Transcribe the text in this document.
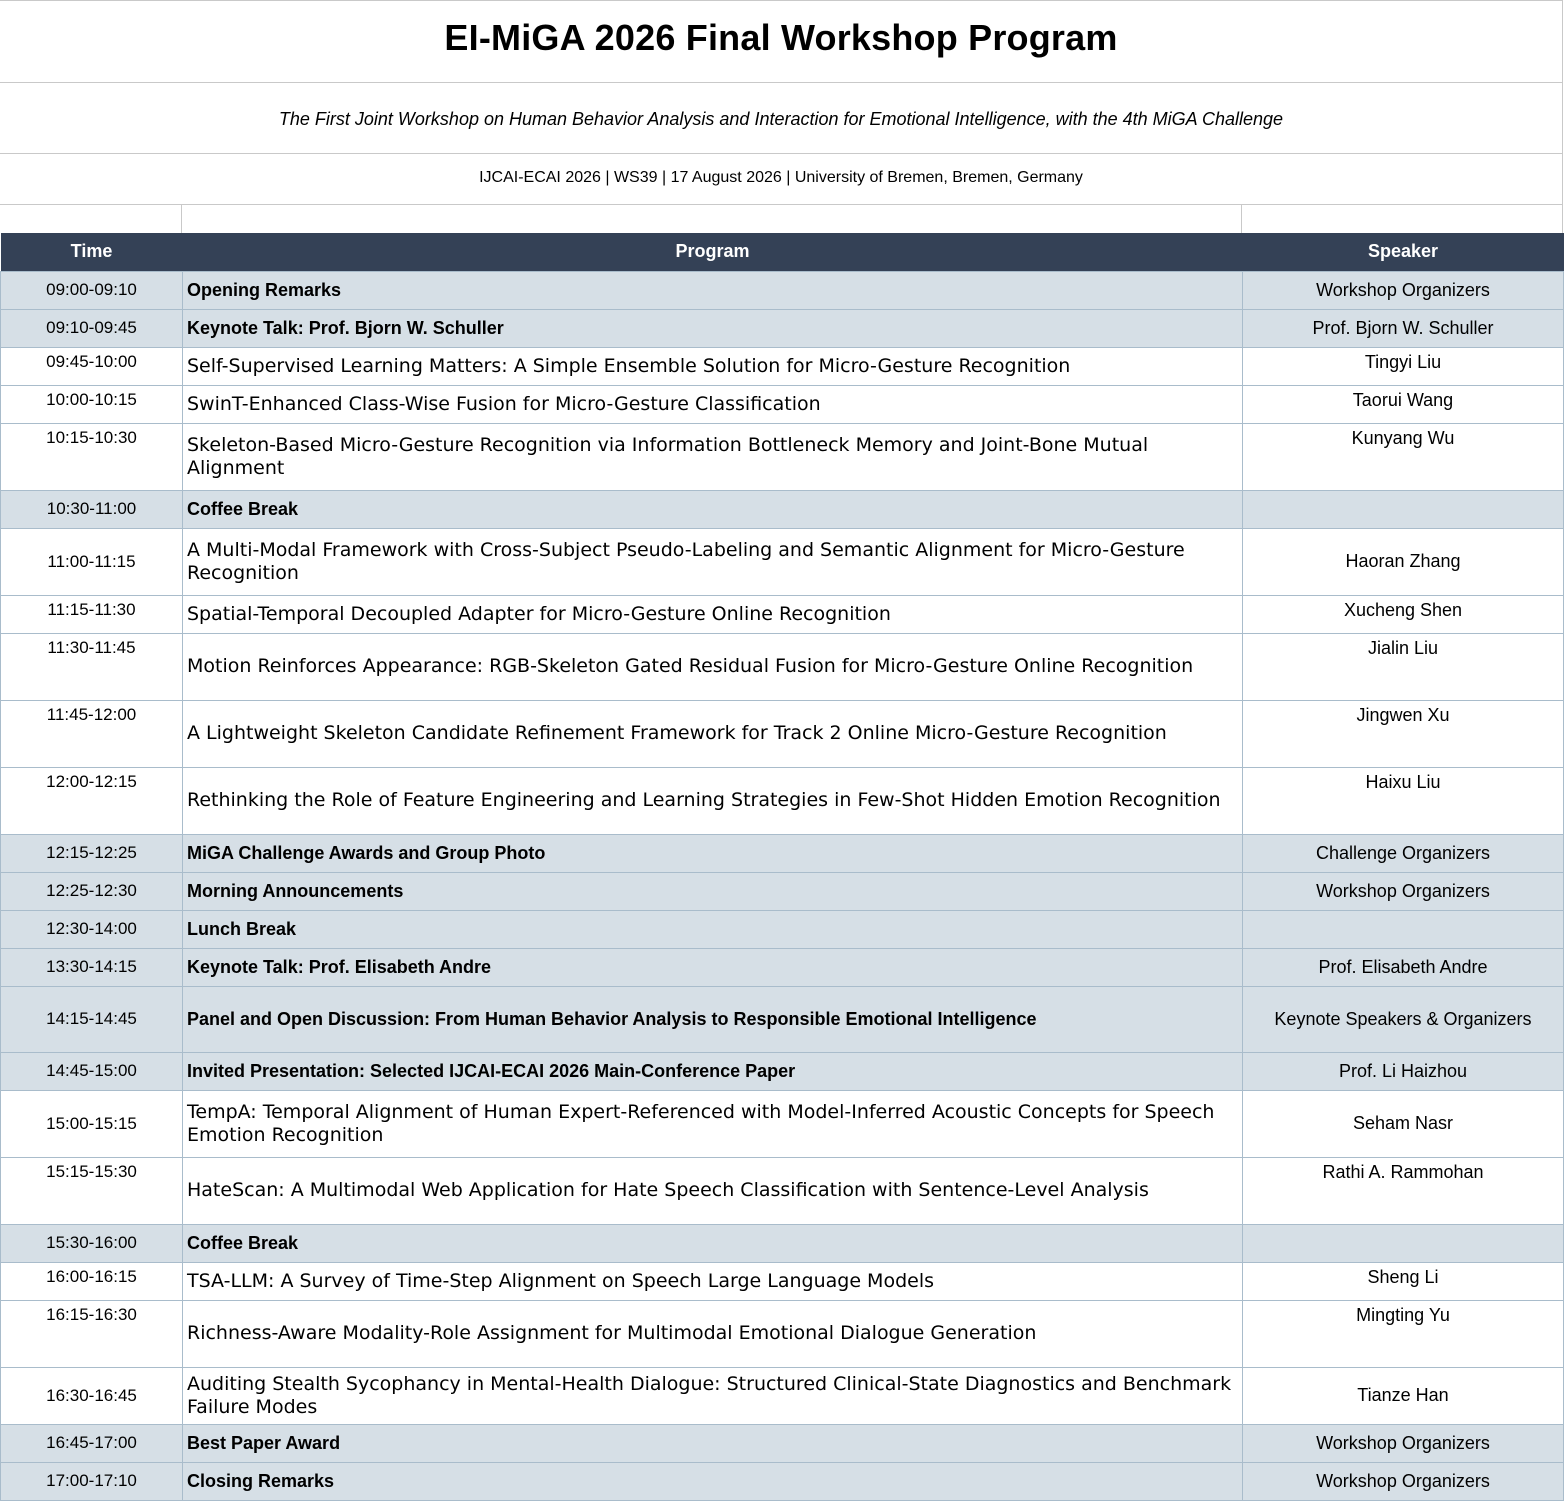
EI-MiGA 2026 Final Workshop Program
The First Joint Workshop on Human Behavior Analysis and Interaction for Emotional Intelligence, with the 4th MiGA Challenge
IJCAI-ECAI 2026 | WS39 | 17 August 2026 | University of Bremen, Bremen, Germany
Time	Program	Speaker
09:00-09:10	Opening Remarks	Workshop Organizers
09:10-09:45	Keynote Talk: Prof. Bjorn W. Schuller	Prof. Bjorn W. Schuller
09:45-10:00	Self-Supervised Learning Matters: A Simple Ensemble Solution for Micro-Gesture Recognition	Tingyi Liu
10:00-10:15	SwinT-Enhanced Class-Wise Fusion for Micro-Gesture Classification	Taorui Wang
10:15-10:30	Skeleton-Based Micro-Gesture Recognition via Information Bottleneck Memory and Joint-Bone Mutual Alignment	Kunyang Wu
10:30-11:00	Coffee Break	
11:00-11:15	A Multi-Modal Framework with Cross-Subject Pseudo-Labeling and Semantic Alignment for Micro-Gesture Recognition	Haoran Zhang
11:15-11:30	Spatial-Temporal Decoupled Adapter for Micro-Gesture Online Recognition	Xucheng Shen
11:30-11:45	Motion Reinforces Appearance: RGB-Skeleton Gated Residual Fusion for Micro-Gesture Online Recognition	Jialin Liu
11:45-12:00	A Lightweight Skeleton Candidate Refinement Framework for Track 2 Online Micro-Gesture Recognition	Jingwen Xu
12:00-12:15	Rethinking the Role of Feature Engineering and Learning Strategies in Few-Shot Hidden Emotion Recognition	Haixu Liu
12:15-12:25	MiGA Challenge Awards and Group Photo	Challenge Organizers
12:25-12:30	Morning Announcements	Workshop Organizers
12:30-14:00	Lunch Break	
13:30-14:15	Keynote Talk: Prof. Elisabeth Andre	Prof. Elisabeth Andre
14:15-14:45	Panel and Open Discussion: From Human Behavior Analysis to Responsible Emotional Intelligence	Keynote Speakers & Organizers
14:45-15:00	Invited Presentation: Selected IJCAI-ECAI 2026 Main-Conference Paper	Prof. Li Haizhou
15:00-15:15	TempA: Temporal Alignment of Human Expert-Referenced with Model-Inferred Acoustic Concepts for Speech Emotion Recognition	Seham Nasr
15:15-15:30	HateScan: A Multimodal Web Application for Hate Speech Classification with Sentence-Level Analysis	Rathi A. Rammohan
15:30-16:00	Coffee Break	
16:00-16:15	TSA-LLM: A Survey of Time-Step Alignment on Speech Large Language Models	Sheng Li
16:15-16:30	Richness-Aware Modality-Role Assignment for Multimodal Emotional Dialogue Generation	Mingting Yu
16:30-16:45	Auditing Stealth Sycophancy in Mental-Health Dialogue: Structured Clinical-State Diagnostics and Benchmark Failure Modes	Tianze Han
16:45-17:00	Best Paper Award	Workshop Organizers
17:00-17:10	Closing Remarks	Workshop Organizers
